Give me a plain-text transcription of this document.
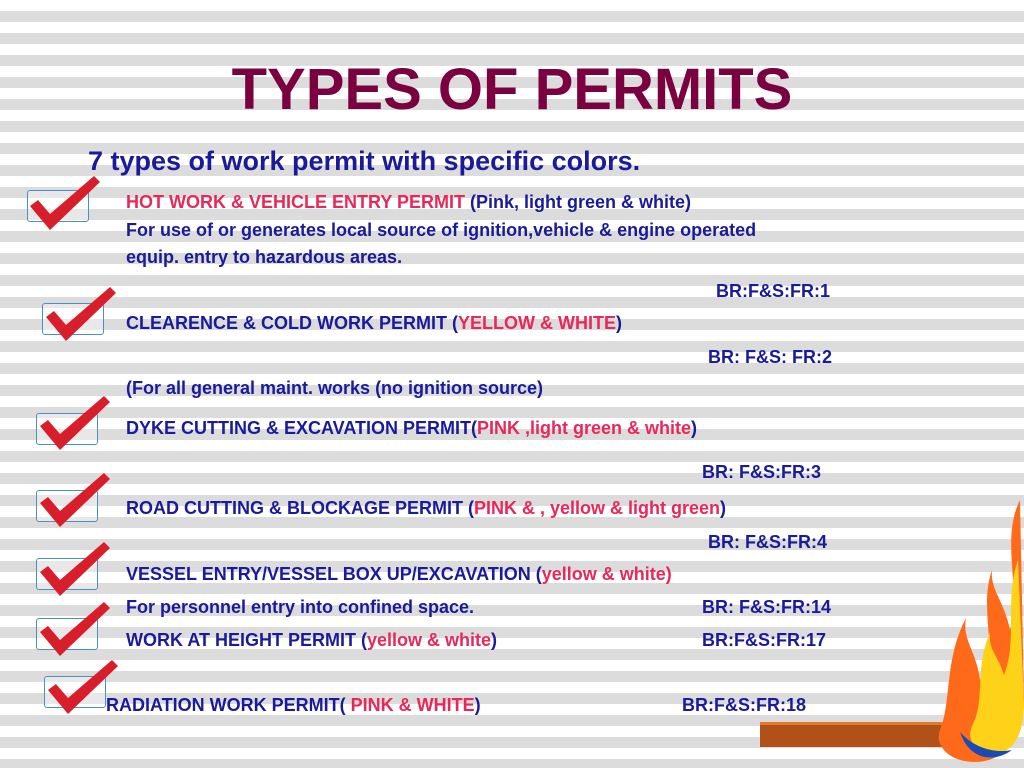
TYPES OF PERMITS
7 types of work permit with specific colors.
HOT WORK & VEHICLE ENTRY PERMIT (Pink, light green & white)
For use of or generates local source of ignition,vehicle & engine operated
equip. entry to hazardous areas.
BR:F&S:FR:1
CLEARENCE & COLD WORK PERMIT (YELLOW & WHITE)
BR: F&S: FR:2
(For all general maint. works (no ignition source)
DYKE CUTTING & EXCAVATION PERMIT(PINK ,light green & white)
BR: F&S:FR:3
ROAD CUTTING & BLOCKAGE PERMIT (PINK & , yellow & light green)
BR: F&S:FR:4
VESSEL ENTRY/VESSEL BOX UP/EXCAVATION (yellow & white)
For personnel entry into confined space.	BR: F&S:FR:14
WORK AT HEIGHT PERMIT (yellow & white)	BR:F&S:FR:17
RADIATION WORK PERMIT( PINK & WHITE)	BR:F&S:FR:18
